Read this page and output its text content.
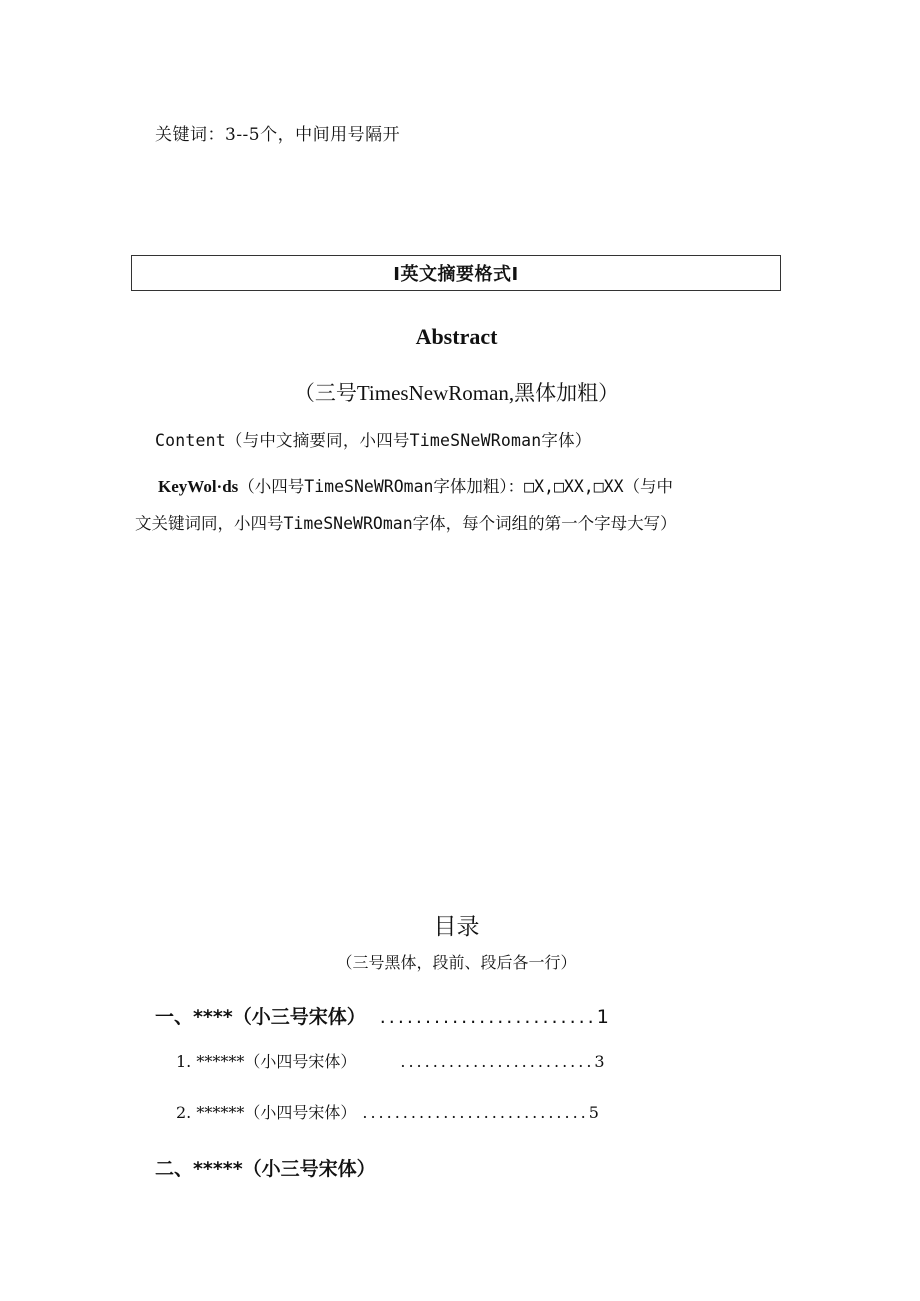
关键词：3--5个，中间用号隔开
I英文摘要格式I
Abstract
（三号TimesNewRoman,黑体加粗）
Content（与中文摘要同，小四号TimeSNeWRoman字体）
KeyWol·ds（小四号TimeSNeWROman字体加粗）：□X,□XX,□XX（与中
文关键词同，小四号TimeSNeWROman字体，每个词组的第一个字母大写）
目录
（三号黑体，段前、段后各一行）
一、****（小三号宋体） ........................ 1
1. ******（小四号宋体）	........................ 3
2. ******（小四号宋体） ............................ 5
二、*****（小三号宋体）
